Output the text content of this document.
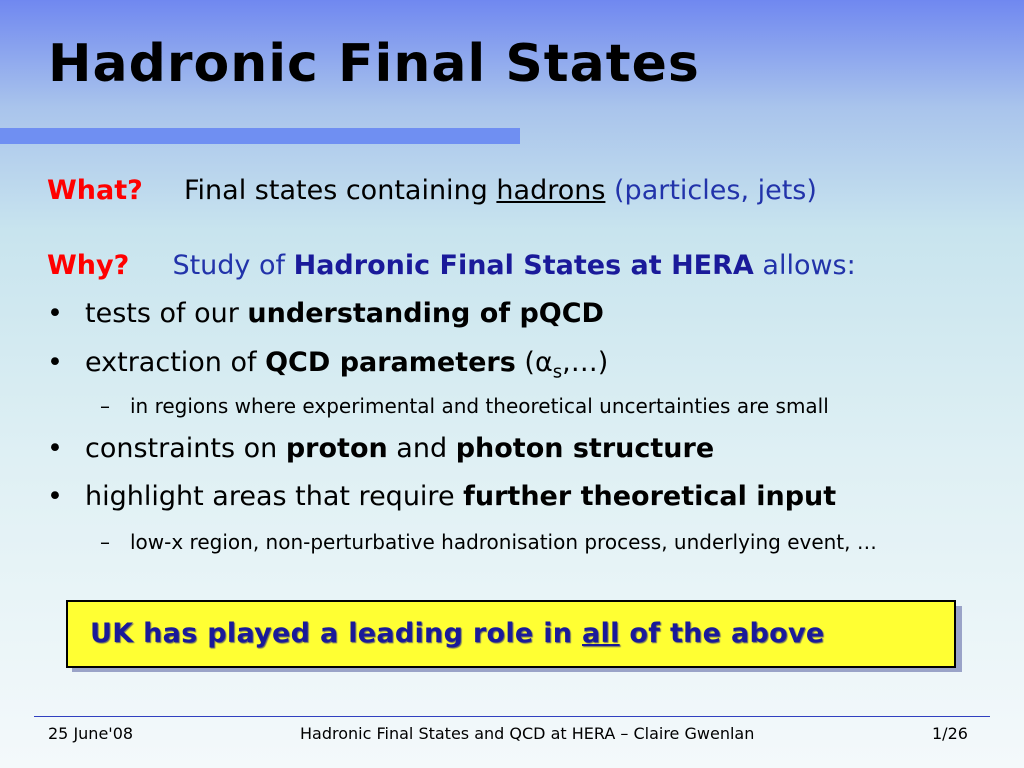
Hadronic Final States
What? Final states containing hadrons (particles, jets)
Why? Study of Hadronic Final States at HERA allows:
• tests of our understanding of pQCD
• extraction of QCD parameters $(\alpha_s,\dots)$
– in regions where experimental and theoretical uncertainties are small
• constraints on proton and photon structure
• highlight areas that require further theoretical input
– low-x region, non-perturbative hadronisation process, underlying event, …
UK has played a leading role in all of the above
25 June'08	Hadronic Final States and QCD at HERA – Claire Gwenlan	1/26
